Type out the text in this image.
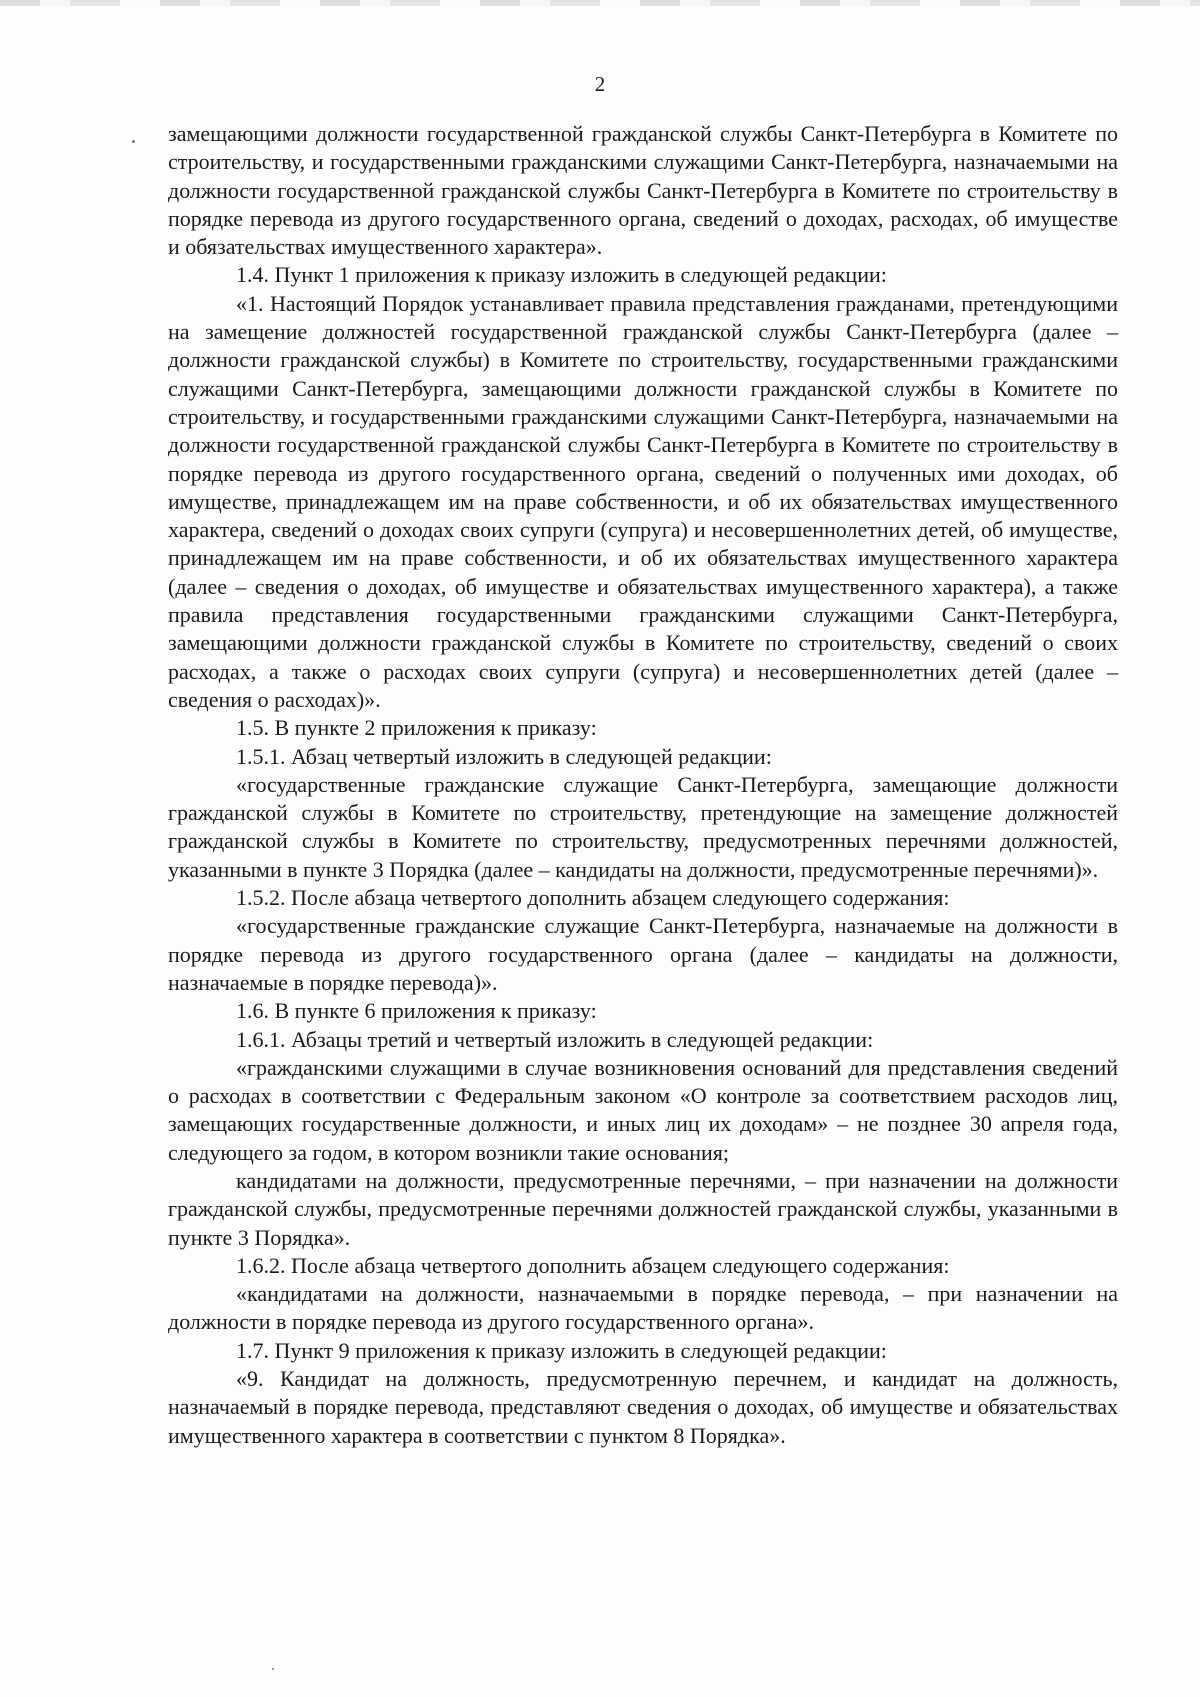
2

замещающими должности государственной гражданской службы Санкт-Петербурга в Комитете по строительству, и государственными гражданскими служащими Санкт-Петербурга, назначаемыми на должности государственной гражданской службы Санкт-Петербурга в Комитете по строительству в порядке перевода из другого государственного органа, сведений о доходах, расходах, об имуществе и обязательствах имущественного характера».

1.4. Пункт 1 приложения к приказу изложить в следующей редакции:

«1. Настоящий Порядок устанавливает правила представления гражданами, претендующими на замещение должностей государственной гражданской службы Санкт-Петербурга (далее – должности гражданской службы) в Комитете по строительству, государственными гражданскими служащими Санкт-Петербурга, замещающими должности гражданской службы в Комитете по строительству, и государственными гражданскими служащими Санкт-Петербурга, назначаемыми на должности государственной гражданской службы Санкт-Петербурга в Комитете по строительству в порядке перевода из другого государственного органа, сведений о полученных ими доходах, об имуществе, принадлежащем им на праве собственности, и об их обязательствах имущественного характера, сведений о доходах своих супруги (супруга) и несовершеннолетних детей, об имуществе, принадлежащем им на праве собственности, и об их обязательствах имущественного характера (далее – сведения о доходах, об имуществе и обязательствах имущественного характера), а также правила представления государственными гражданскими служащими Санкт-Петербурга, замещающими должности гражданской службы в Комитете по строительству, сведений о своих расходах, а также о расходах своих супруги (супруга) и несовершеннолетних детей (далее – сведения о расходах)».

1.5. В пункте 2 приложения к приказу:

1.5.1. Абзац четвертый изложить в следующей редакции:

«государственные гражданские служащие Санкт-Петербурга, замещающие должности гражданской службы в Комитете по строительству, претендующие на замещение должностей гражданской службы в Комитете по строительству, предусмотренных перечнями должностей, указанными в пункте 3 Порядка (далее – кандидаты на должности, предусмотренные перечнями)».

1.5.2. После абзаца четвертого дополнить абзацем следующего содержания:

«государственные гражданские служащие Санкт-Петербурга, назначаемые на должности в порядке перевода из другого государственного органа (далее – кандидаты на должности, назначаемые в порядке перевода)».

1.6. В пункте 6 приложения к приказу:

1.6.1. Абзацы третий и четвертый изложить в следующей редакции:

«гражданскими служащими в случае возникновения оснований для представления сведений о расходах в соответствии с Федеральным законом «О контроле за соответствием расходов лиц, замещающих государственные должности, и иных лиц их доходам» – не позднее 30 апреля года, следующего за годом, в котором возникли такие основания;

кандидатами на должности, предусмотренные перечнями, – при назначении на должности гражданской службы, предусмотренные перечнями должностей гражданской службы, указанными в пункте 3 Порядка».

1.6.2. После абзаца четвертого дополнить абзацем следующего содержания:

«кандидатами на должности, назначаемыми в порядке перевода, – при назначении на должности в порядке перевода из другого государственного органа».

1.7. Пункт 9 приложения к приказу изложить в следующей редакции:

«9. Кандидат на должность, предусмотренную перечнем, и кандидат на должность, назначаемый в порядке перевода, представляют сведения о доходах, об имуществе и обязательствах имущественного характера в соответствии с пунктом 8 Порядка».
